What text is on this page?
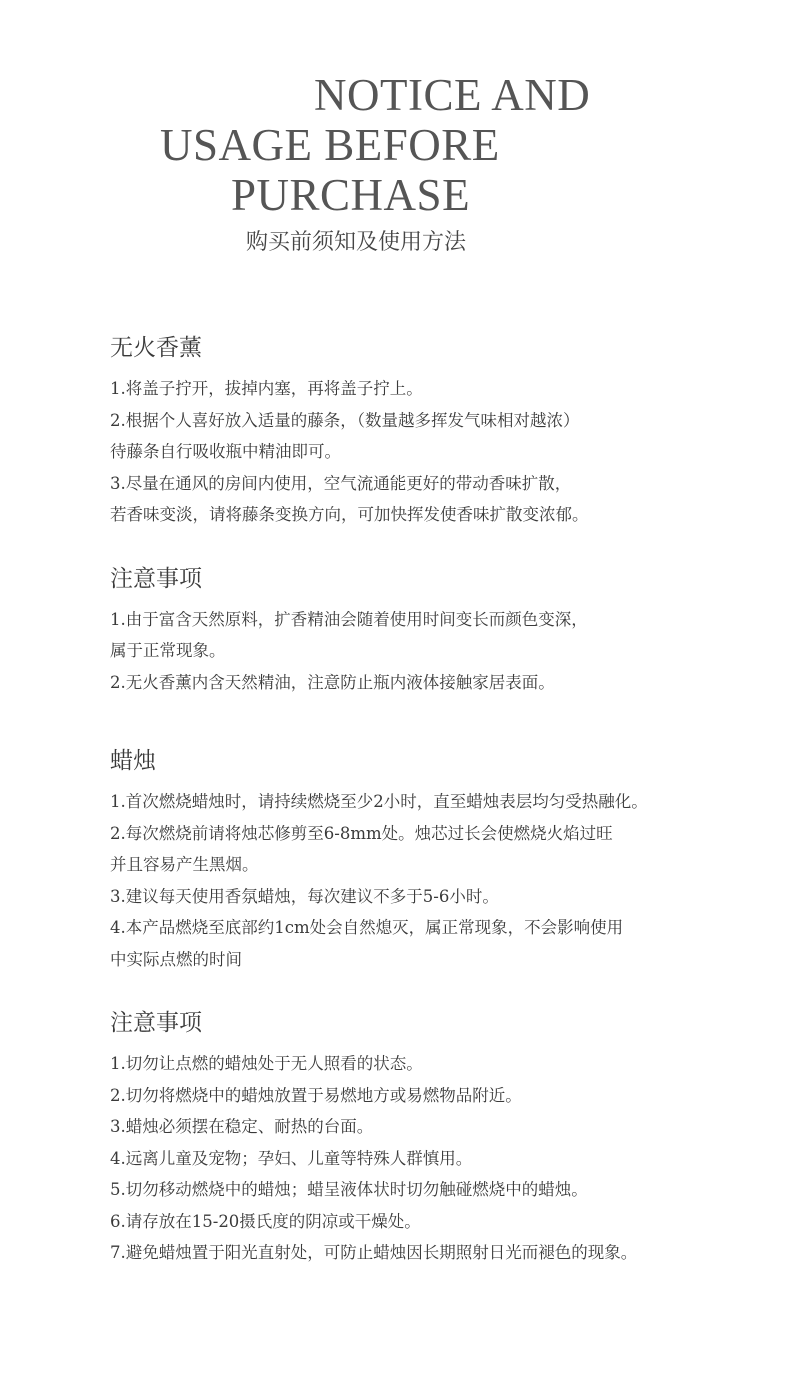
NOTICE AND
USAGE BEFORE
PURCHASE
购买前须知及使用方法
无火香薰

1.将盖子拧开，拔掉内塞，再将盖子拧上。

2.根据个人喜好放入适量的藤条，（数量越多挥发气味相对越浓）

待藤条自行吸收瓶中精油即可。

3.尽量在通风的房间内使用，空气流通能更好的带动香味扩散，

若香味变淡，请将藤条变换方向，可加快挥发使香味扩散变浓郁。

注意事项

1.由于富含天然原料，扩香精油会随着使用时间变长而颜色变深，

属于正常现象。

2.无火香薰内含天然精油，注意防止瓶内液体接触家居表面。

蜡烛

1.首次燃烧蜡烛时，请持续燃烧至少2小时，直至蜡烛表层均匀受热融化。

2.每次燃烧前请将烛芯修剪至6-8mm处。烛芯过长会使燃烧火焰过旺

并且容易产生黑烟。

3.建议每天使用香氛蜡烛，每次建议不多于5-6小时。

4.本产品燃烧至底部约1cm处会自然熄灭，属正常现象，不会影响使用

中实际点燃的时间

注意事项

1.切勿让点燃的蜡烛处于无人照看的状态。

2.切勿将燃烧中的蜡烛放置于易燃地方或易燃物品附近。

3.蜡烛必须摆在稳定、耐热的台面。

4.远离儿童及宠物；孕妇、儿童等特殊人群慎用。

5.切勿移动燃烧中的蜡烛；蜡呈液体状时切勿触碰燃烧中的蜡烛。

6.请存放在15-20摄氏度的阴凉或干燥处。

7.避免蜡烛置于阳光直射处，可防止蜡烛因长期照射日光而褪色的现象。
